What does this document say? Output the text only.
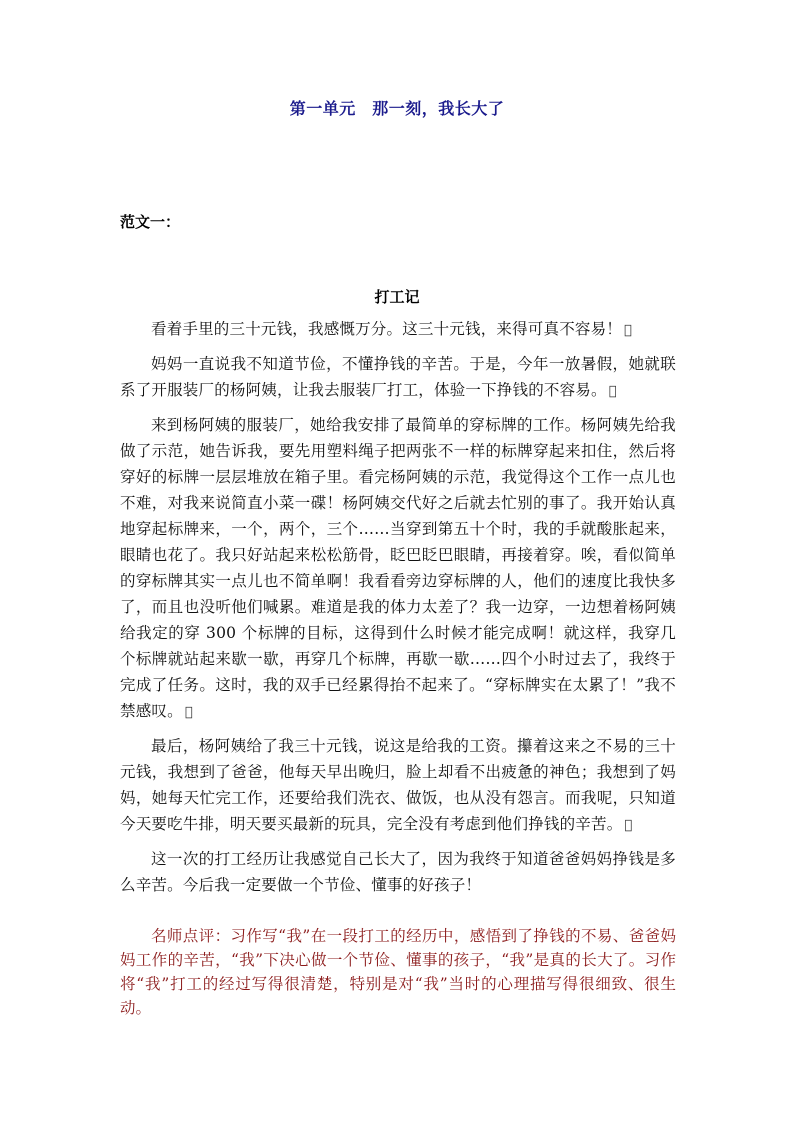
第一单元　那一刻，我长大了
范文一：
打工记

看着手里的三十元钱，我感慨万分。这三十元钱，来得可真不容易！ 𨹪

妈妈一直说我不知道节俭，不懂挣钱的辛苦。于是，今年一放暑假，她就联系了开服装厂的杨阿姨，让我去服装厂打工，体验一下挣钱的不容易。 𨹪

来到杨阿姨的服装厂，她给我安排了最简单的穿标牌的工作。杨阿姨先给我做了示范，她告诉我，要先用塑料绳子把两张不一样的标牌穿起来扣住，然后将穿好的标牌一层层堆放在箱子里。看完杨阿姨的示范，我觉得这个工作一点儿也不难，对我来说简直小菜一碟！杨阿姨交代好之后就去忙别的事了。我开始认真地穿起标牌来，一个，两个，三个……当穿到第五十个时，我的手就酸胀起来，眼睛也花了。我只好站起来松松筋骨，眨巴眨巴眼睛，再接着穿。唉，看似简单的穿标牌其实一点儿也不简单啊！我看看旁边穿标牌的人，他们的速度比我快多了，而且也没听他们喊累。难道是我的体力太差了？我一边穿，一边想着杨阿姨给我定的穿 300 个标牌的目标，这得到什么时候才能完成啊！就这样，我穿几个标牌就站起来歇一歇，再穿几个标牌，再歇一歇……四个小时过去了，我终于完成了任务。这时，我的双手已经累得抬不起来了。“穿标牌实在太累了！”我不禁感叹。 𨹪

最后，杨阿姨给了我三十元钱，说这是给我的工资。攥着这来之不易的三十元钱，我想到了爸爸，他每天早出晚归，脸上却看不出疲惫的神色；我想到了妈妈，她每天忙完工作，还要给我们洗衣、做饭，也从没有怨言。而我呢，只知道今天要吃牛排，明天要买最新的玩具，完全没有考虑到他们挣钱的辛苦。 𨹪

这一次的打工经历让我感觉自己长大了，因为我终于知道爸爸妈妈挣钱是多么辛苦。今后我一定要做一个节俭、懂事的好孩子！

名师点评：习作写“我”在一段打工的经历中，感悟到了挣钱的不易、爸爸妈妈工作的辛苦，“我”下决心做一个节俭、懂事的孩子，“我”是真的长大了。习作将“我”打工的经过写得很清楚，特别是对“我”当时的心理描写得很细致、很生动。
